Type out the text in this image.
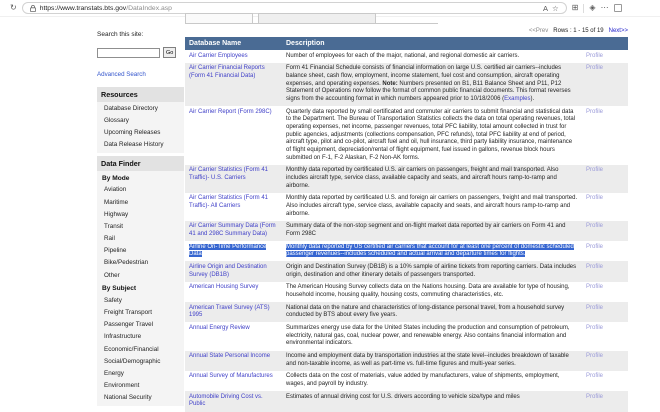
↻	https://www.transtats.bts.gov/DataIndex.asp	A ☆ ⊞ ◈ ⋯
Search this site:
Go
Advanced Search
Resources
Database Directory
Glossary
Upcoming Releases
Data Release History
Data Finder
By Mode
Aviation
Maritime
Highway
Transit
Rail
Pipeline
Bike/Pedestrian
Other
By Subject
Safety
Freight Transport
Passenger Travel
Infrastructure
Economic/Financial
Social/Demographic
Energy
Environment
National Security
<<Prev Rows : 1 - 15 of 19 Next>>
Database Name	Description	
Air Carrier Employees	Number of employees for each of the major, national, and regional domestic air carriers.	Profile
Air Carrier Financial Reports (Form 41 Financial Data)	Form 41 Financial Schedule consists of financial information on large U.S. certified air carriers--includes balance sheet, cash flow, employment, income statement, fuel cost and consumption, aircraft operating expenses, and operating expenses. Note: Numbers presented on B1, B11 Balance Sheet and P11, P12 Statement of Operations now follow the format of common public financial documents. This format reverses signs from the accounting format in which numbers appeared prior to 10/18/2006 (Examples).	Profile
Air Carrier Report (Form 298C)	Quarterly data reported by small certificated and commuter air carriers to submit financial and statistical data to the Department. The Bureau of Transportation Statistics collects the data on total operating revenues, total operating expenses, net income, passenger revenues, total PFC liability, total amount collected in trust for public agencies, adjustments (collections compensation, PFC refunds), total PFC liability at end of period, aircraft type, pilot and co-pilot, aircraft fuel and oil, hull insurance, third party liability insurance, maintenance of flight equipment, depreciation/rental of flight equipment, fuel issued in gallons, revenue block hours submitted on F-1, F-2 Alaskan, F-2 Non-AK forms.	Profile
Air Carrier Statistics (Form 41 Traffic)- U.S. Carriers	Monthly data reported by certificated U.S. air carriers on passengers, freight and mail transported. Also includes aircraft type, service class, available capacity and seats, and aircraft hours ramp-to-ramp and airborne.	Profile
Air Carrier Statistics (Form 41 Traffic)- All Carriers	Monthly data reported by certificated U.S. and foreign air carriers on passengers, freight and mail transported. Also includes aircraft type, service class, available capacity and seats, and aircraft hours ramp-to-ramp and airborne.	Profile
Air Carrier Summary Data (Form 41 and 298C Summary Data)	Summary data of the non-stop segment and on-flight market data reported by air carriers on Form 41 and Form 298C	Profile
Airline On-Time Performance Data	Monthly data reported by US certified air carriers that account for at least one percent of domestic scheduled passenger revenues--includes scheduled and actual arrival and departure times for flights.	Profile
Airline Origin and Destination Survey (DB1B)	Origin and Destination Survey (DB1B) is a 10% sample of airline tickets from reporting carriers. Data includes origin, destination and other itinerary details of passengers transported.	Profile
American Housing Survey	The American Housing Survey collects data on the Nations housing. Data are available for type of housing, household income, housing quality, housing costs, commuting characteristics, etc.	Profile
American Travel Survey (ATS) 1995	National data on the nature and characteristics of long-distance personal travel, from a household survey conducted by BTS about every five years.	Profile
Annual Energy Review	Summarizes energy use data for the United States including the production and consumption of petroleum, electricity, natural gas, coal, nuclear power, and renewable energy. Also contains financial information and environmental indicators.	Profile
Annual State Personal Income	Income and employment data by transportation industries at the state level--includes breakdown of taxable and non-taxable income, as well as part-time vs. full-time figures and multi-year series.	Profile
Annual Survey of Manufactures	Collects data on the cost of materials, value added by manufacturers, value of shipments, employment, wages, and payroll by industry.	Profile
Automobile Driving Cost vs. Public	Estimates of annual driving cost for U.S. drivers according to vehicle size/type and miles	Profile
